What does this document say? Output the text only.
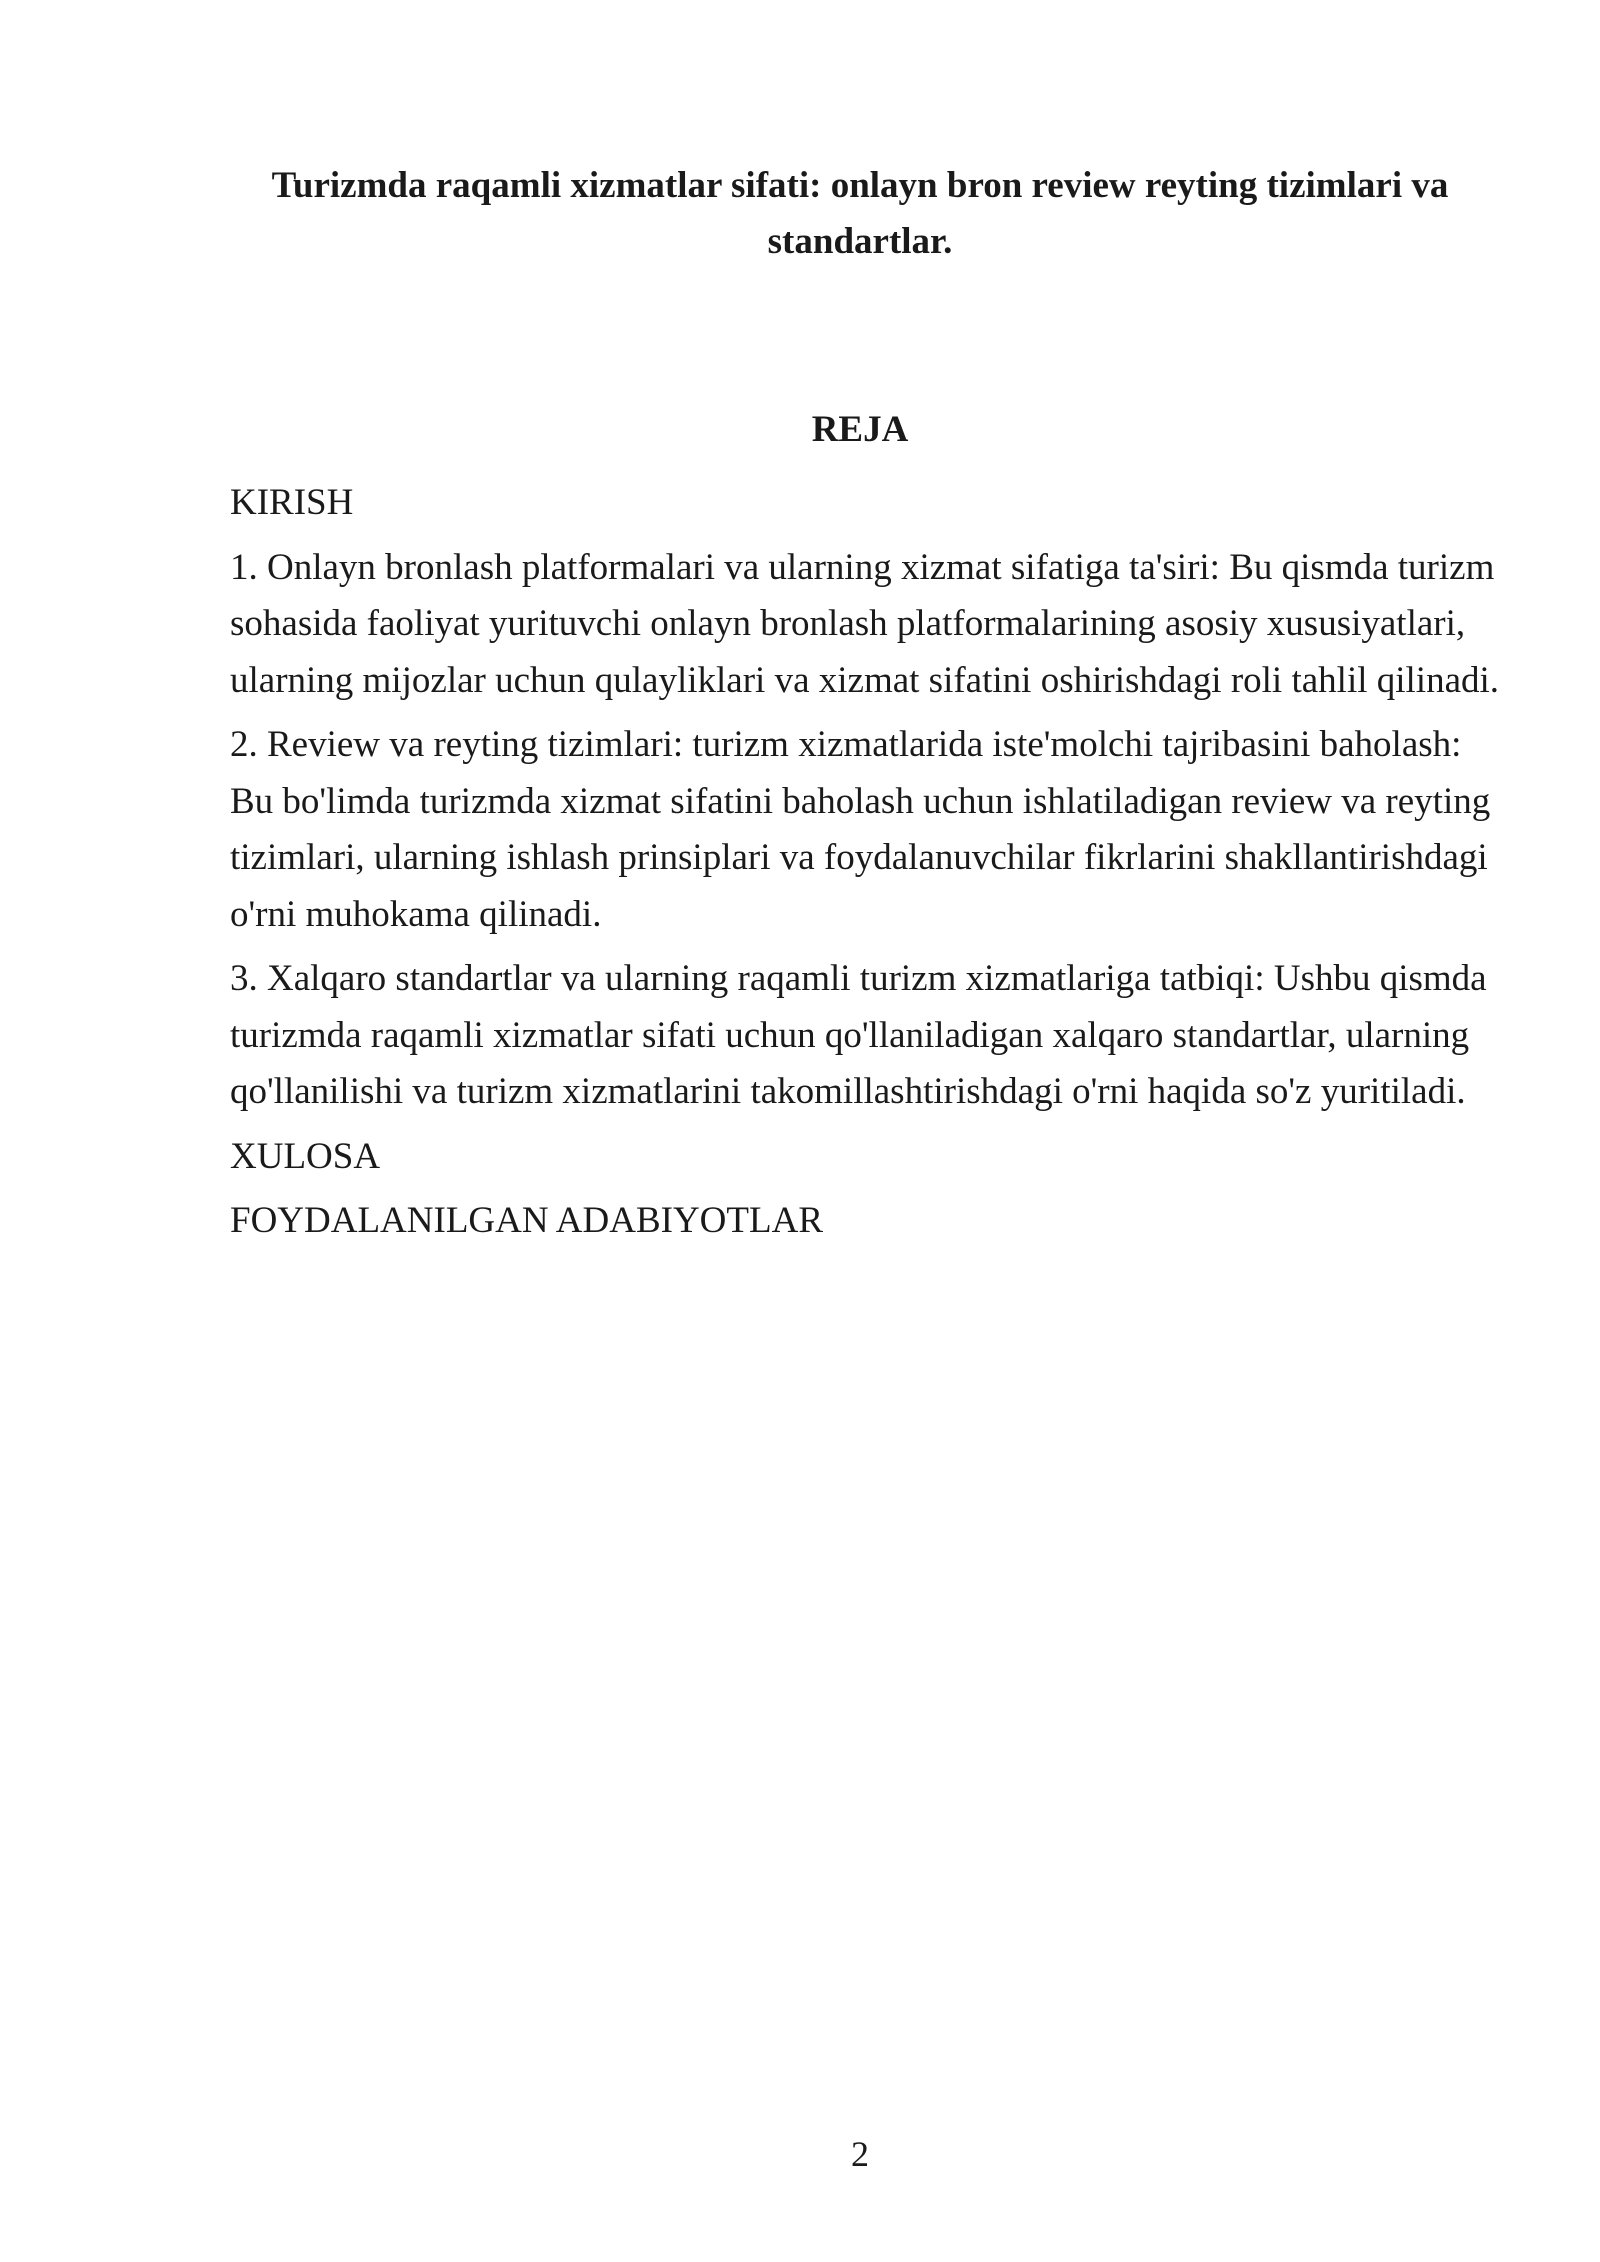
Turizmda raqamli xizmatlar sifati: onlayn bron review reyting tizimlari va standartlar.
REJA

KIRISH

1. Onlayn bronlash platformalari va ularning xizmat sifatiga ta'siri: Bu qismda turizm sohasida faoliyat yurituvchi onlayn bronlash platformalarining asosiy xususiyatlari, ularning mijozlar uchun qulayliklari va xizmat sifatini oshirishdagi roli tahlil qilinadi.

2. Review va reyting tizimlari: turizm xizmatlarida iste'molchi tajribasini baholash: Bu bo'limda turizmda xizmat sifatini baholash uchun ishlatiladigan review va reyting tizimlari, ularning ishlash prinsiplari va foydalanuvchilar fikrlarini shakllantirishdagi o'rni muhokama qilinadi.

3. Xalqaro standartlar va ularning raqamli turizm xizmatlariga tatbiqi: Ushbu qismda turizmda raqamli xizmatlar sifati uchun qo'llaniladigan xalqaro standartlar, ularning qo'llanilishi va turizm xizmatlarini takomillashtirishdagi o'rni haqida so'z yuritiladi.

XULOSA

FOYDALANILGAN ADABIYOTLAR

2
